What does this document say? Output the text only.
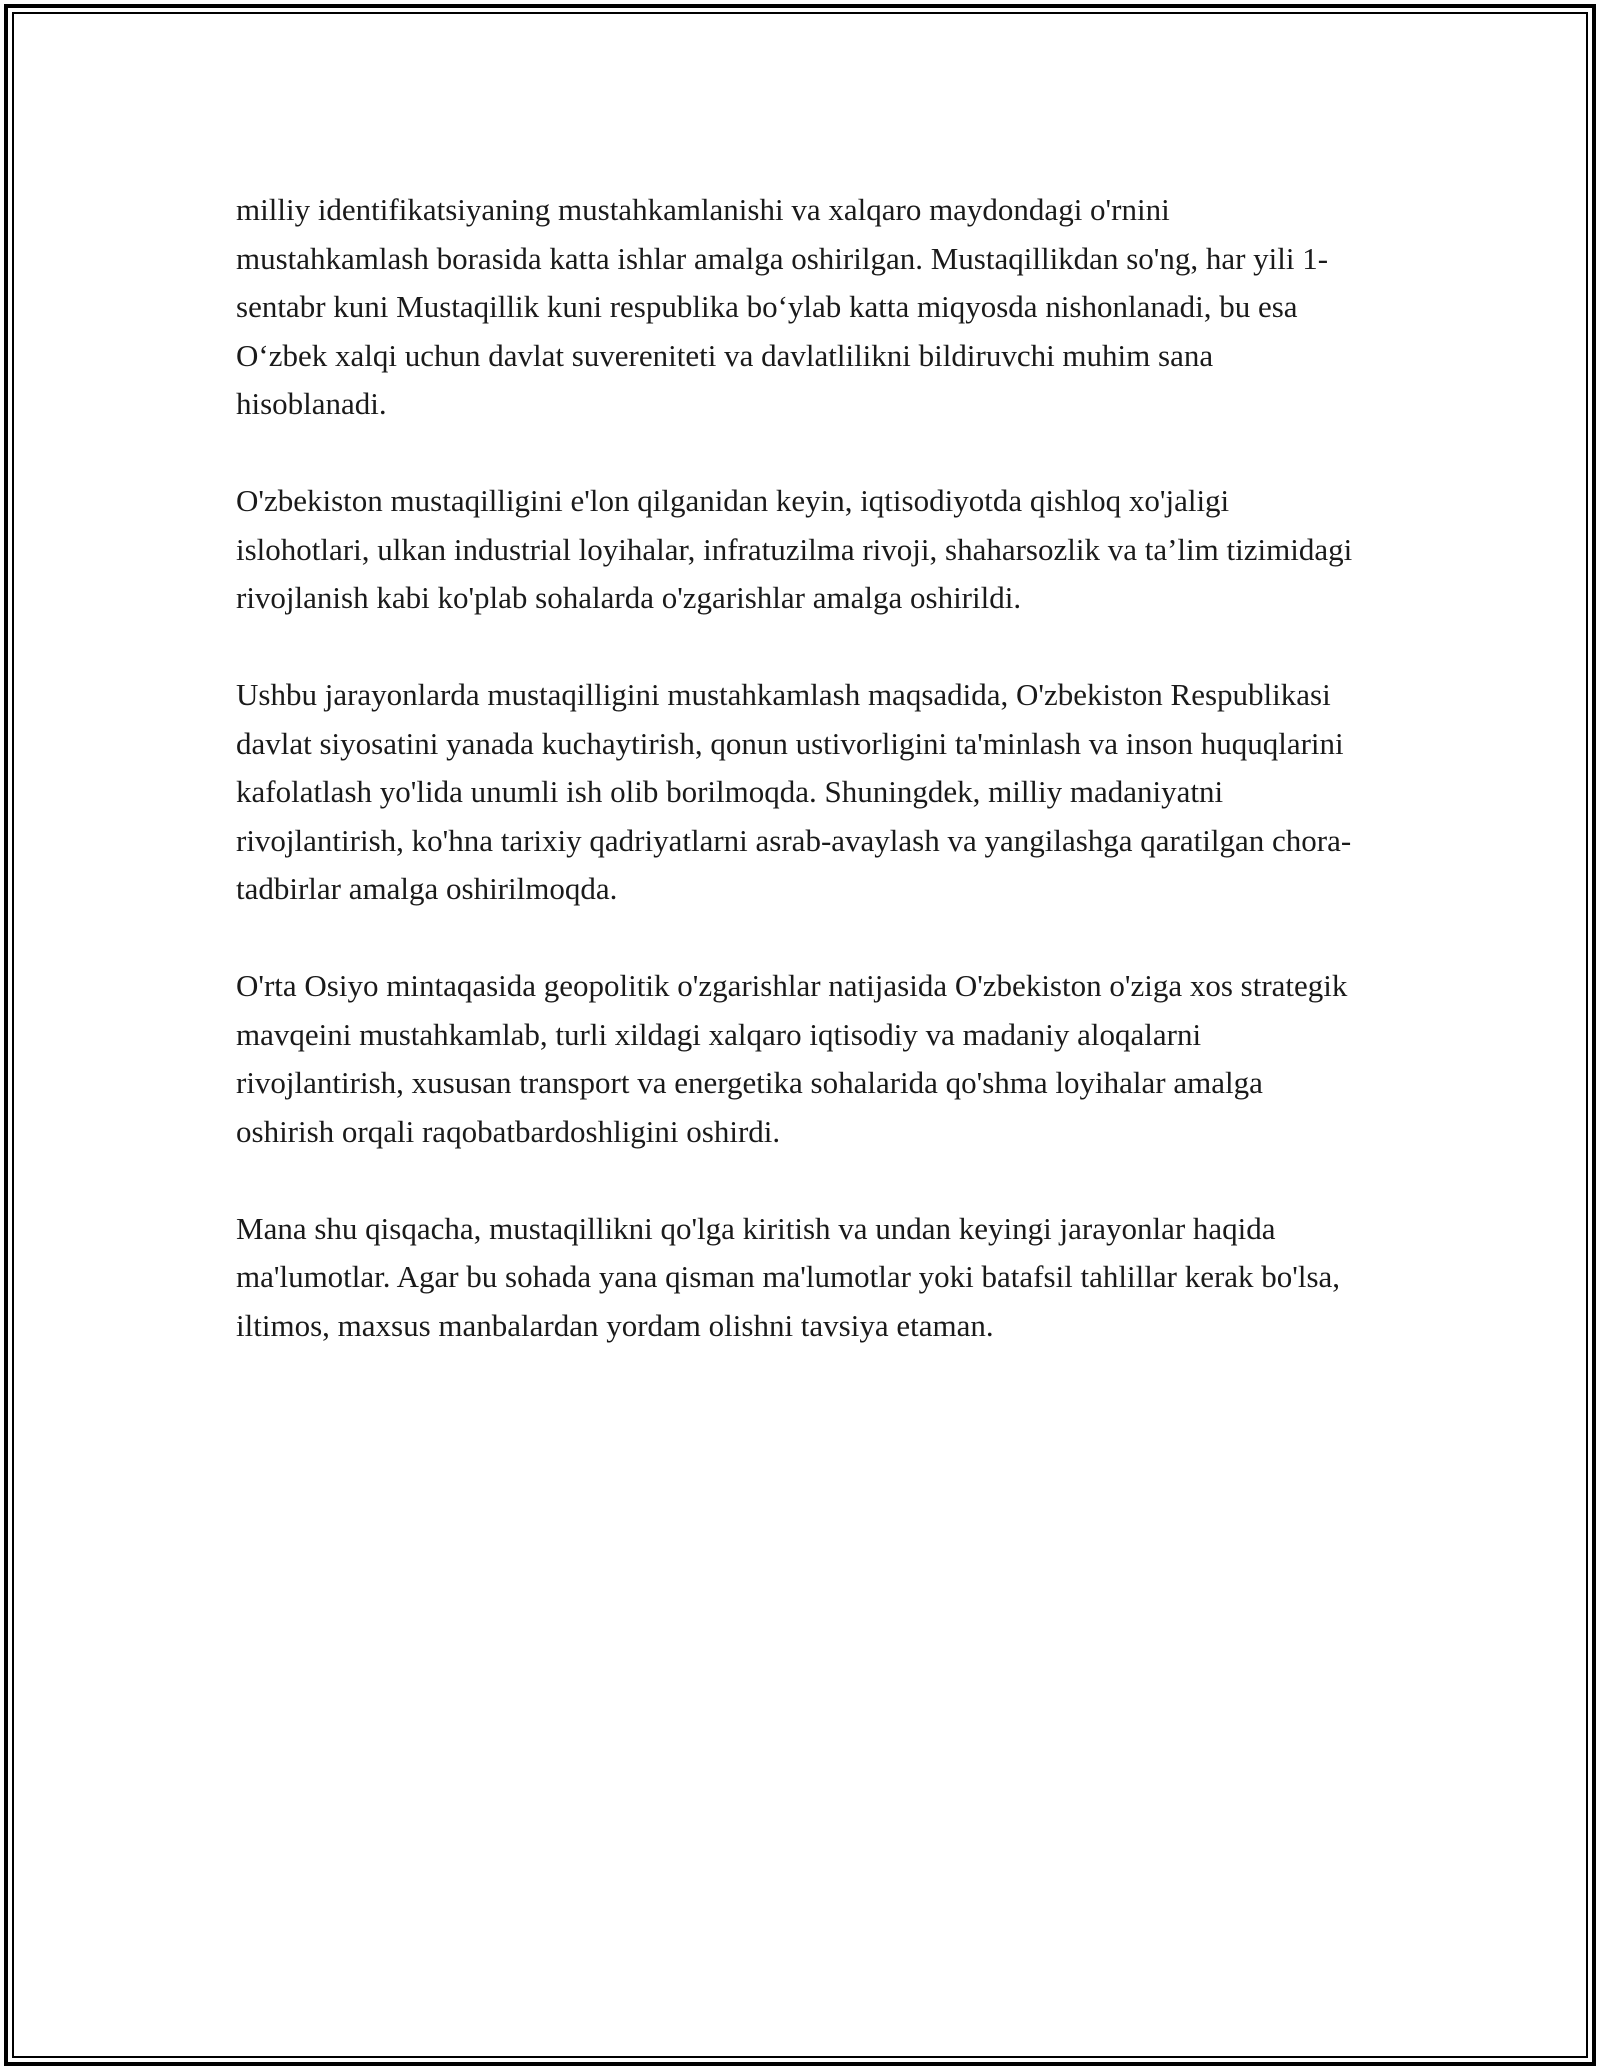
milliy identifikatsiyaning mustahkamlanishi va xalqaro maydondagi o'rnini mustahkamlash borasida katta ishlar amalga oshirilgan. Mustaqillikdan so'ng, har yili 1-sentabr kuni Mustaqillik kuni respublika bo‘ylab katta miqyosda nishonlanadi, bu esa O‘zbek xalqi uchun davlat suvereniteti va davlatlilikni bildiruvchi muhim sana hisoblanadi.

O'zbekiston mustaqilligini e'lon qilganidan keyin, iqtisodiyotda qishloq xo'jaligi islohotlari, ulkan industrial loyihalar, infratuzilma rivoji, shaharsozlik va ta’lim tizimidagi rivojlanish kabi ko'plab sohalarda o'zgarishlar amalga oshirildi.

Ushbu jarayonlarda mustaqilligini mustahkamlash maqsadida, O'zbekiston Respublikasi davlat siyosatini yanada kuchaytirish, qonun ustivorligini ta'minlash va inson huquqlarini kafolatlash yo'lida unumli ish olib borilmoqda. Shuningdek, milliy madaniyatni rivojlantirish, ko'hna tarixiy qadriyatlarni asrab-avaylash va yangilashga qaratilgan chora-tadbirlar amalga oshirilmoqda.

O'rta Osiyo mintaqasida geopolitik o'zgarishlar natijasida O'zbekiston o'ziga xos strategik mavqeini mustahkamlab, turli xildagi xalqaro iqtisodiy va madaniy aloqalarni rivojlantirish, xususan transport va energetika sohalarida qo'shma loyihalar amalga oshirish orqali raqobatbardoshligini oshirdi.

Mana shu qisqacha, mustaqillikni qo'lga kiritish va undan keyingi jarayonlar haqida ma'lumotlar. Agar bu sohada yana qisman ma'lumotlar yoki batafsil tahlillar kerak bo'lsa, iltimos, maxsus manbalardan yordam olishni tavsiya etaman.
